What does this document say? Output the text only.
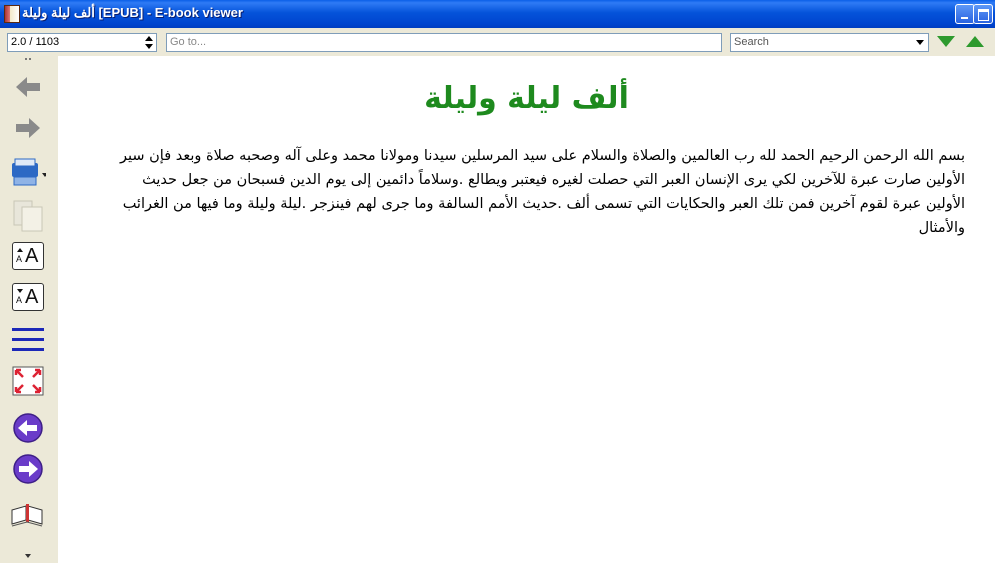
ألف ليلة وليلة [EPUB] - E-book viewer
2.0 / 1103	Go to...	Search
A A
A A
ألف ليلة وليلة
بسم الله الرحمن الرحيم الحمد لله رب العالمين والصلاة والسلام على سيد المرسلين سيدنا ومولانا محمد وعلى آله وصحبه صلاة وبعد فإن سير الأولين صارت عبرة للآخرين لكي يرى الإنسان العبر التي حصلت لغيره فيعتبر ويطالع .وسلاماً دائمين إلى يوم الدين فسبحان من جعل حديث الأولين عبرة لقوم آخرين فمن تلك العبر والحكايات التي تسمى ألف .حديث الأمم السالفة وما جرى لهم فينزجر .ليلة وليلة وما فيها من الغرائب والأمثال
